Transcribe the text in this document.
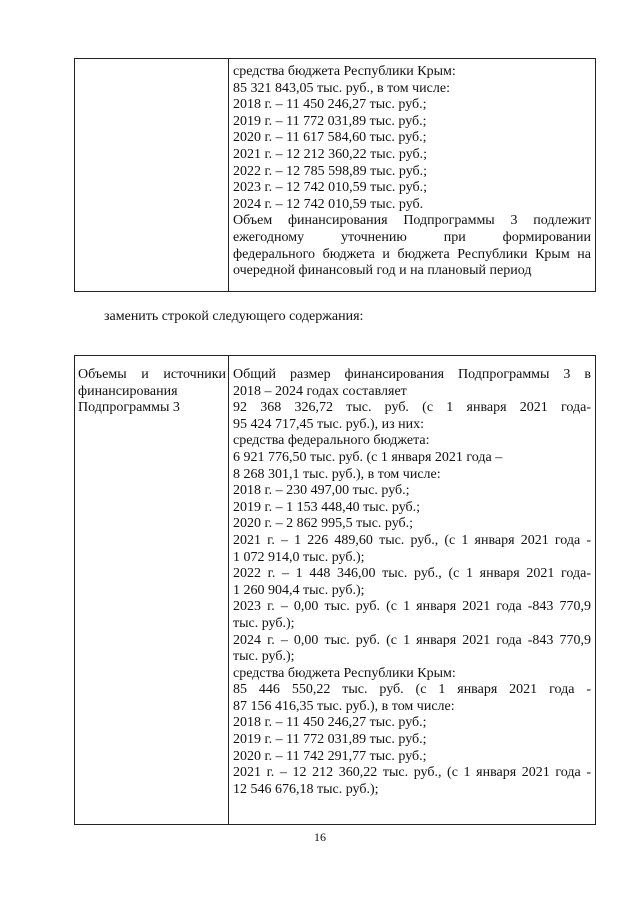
средства бюджета Республики Крым:
85 321 843,05 тыс. руб., в том числе:
2018 г. – 11 450 246,27 тыс. руб.;
2019 г. – 11 772 031,89 тыс. руб.;
2020 г. – 11 617 584,60 тыс. руб.;
2021 г. – 12 212 360,22 тыс. руб.;
2022 г. – 12 785 598,89 тыс. руб.;
2023 г. – 12 742 010,59 тыс. руб.;
2024 г. – 12 742 010,59 тыс. руб.
Объем финансирования Подпрограммы 3 подлежит
ежегодному уточнению при формировании
федерального бюджета и бюджета Республики Крым на
очередной финансовый год и на плановый период
заменить строкой следующего содержания:
Объемы и источники
финансирования
Подпрограммы 3
Общий размер финансирования Подпрограммы 3 в
2018 – 2024 годах составляет
92 368 326,72 тыс. руб. (с 1 января 2021 года-
95 424 717,45 тыс. руб.), из них:
средства федерального бюджета:
6 921 776,50 тыс. руб. (с 1 января 2021 года –
8 268 301,1 тыс. руб.), в том числе:
2018 г. – 230 497,00 тыс. руб.;
2019 г. – 1 153 448,40 тыс. руб.;
2020 г. – 2 862 995,5 тыс. руб.;
2021 г. – 1 226 489,60 тыс. руб., (с 1 января 2021 года -
1 072 914,0 тыс. руб.);
2022 г. – 1 448 346,00 тыс. руб., (с 1 января 2021 года-
1 260 904,4 тыс. руб.);
2023 г. – 0,00 тыс. руб. (с 1 января 2021 года -843 770,9
тыс. руб.);
2024 г. – 0,00 тыс. руб. (с 1 января 2021 года -843 770,9
тыс. руб.);
средства бюджета Республики Крым:
85 446 550,22 тыс. руб. (с 1 января 2021 года -
87 156 416,35 тыс. руб.), в том числе:
2018 г. – 11 450 246,27 тыс. руб.;
2019 г. – 11 772 031,89 тыс. руб.;
2020 г. – 11 742 291,77 тыс. руб.;
2021 г. – 12 212 360,22 тыс. руб., (с 1 января 2021 года -
12 546 676,18 тыс. руб.);
16
